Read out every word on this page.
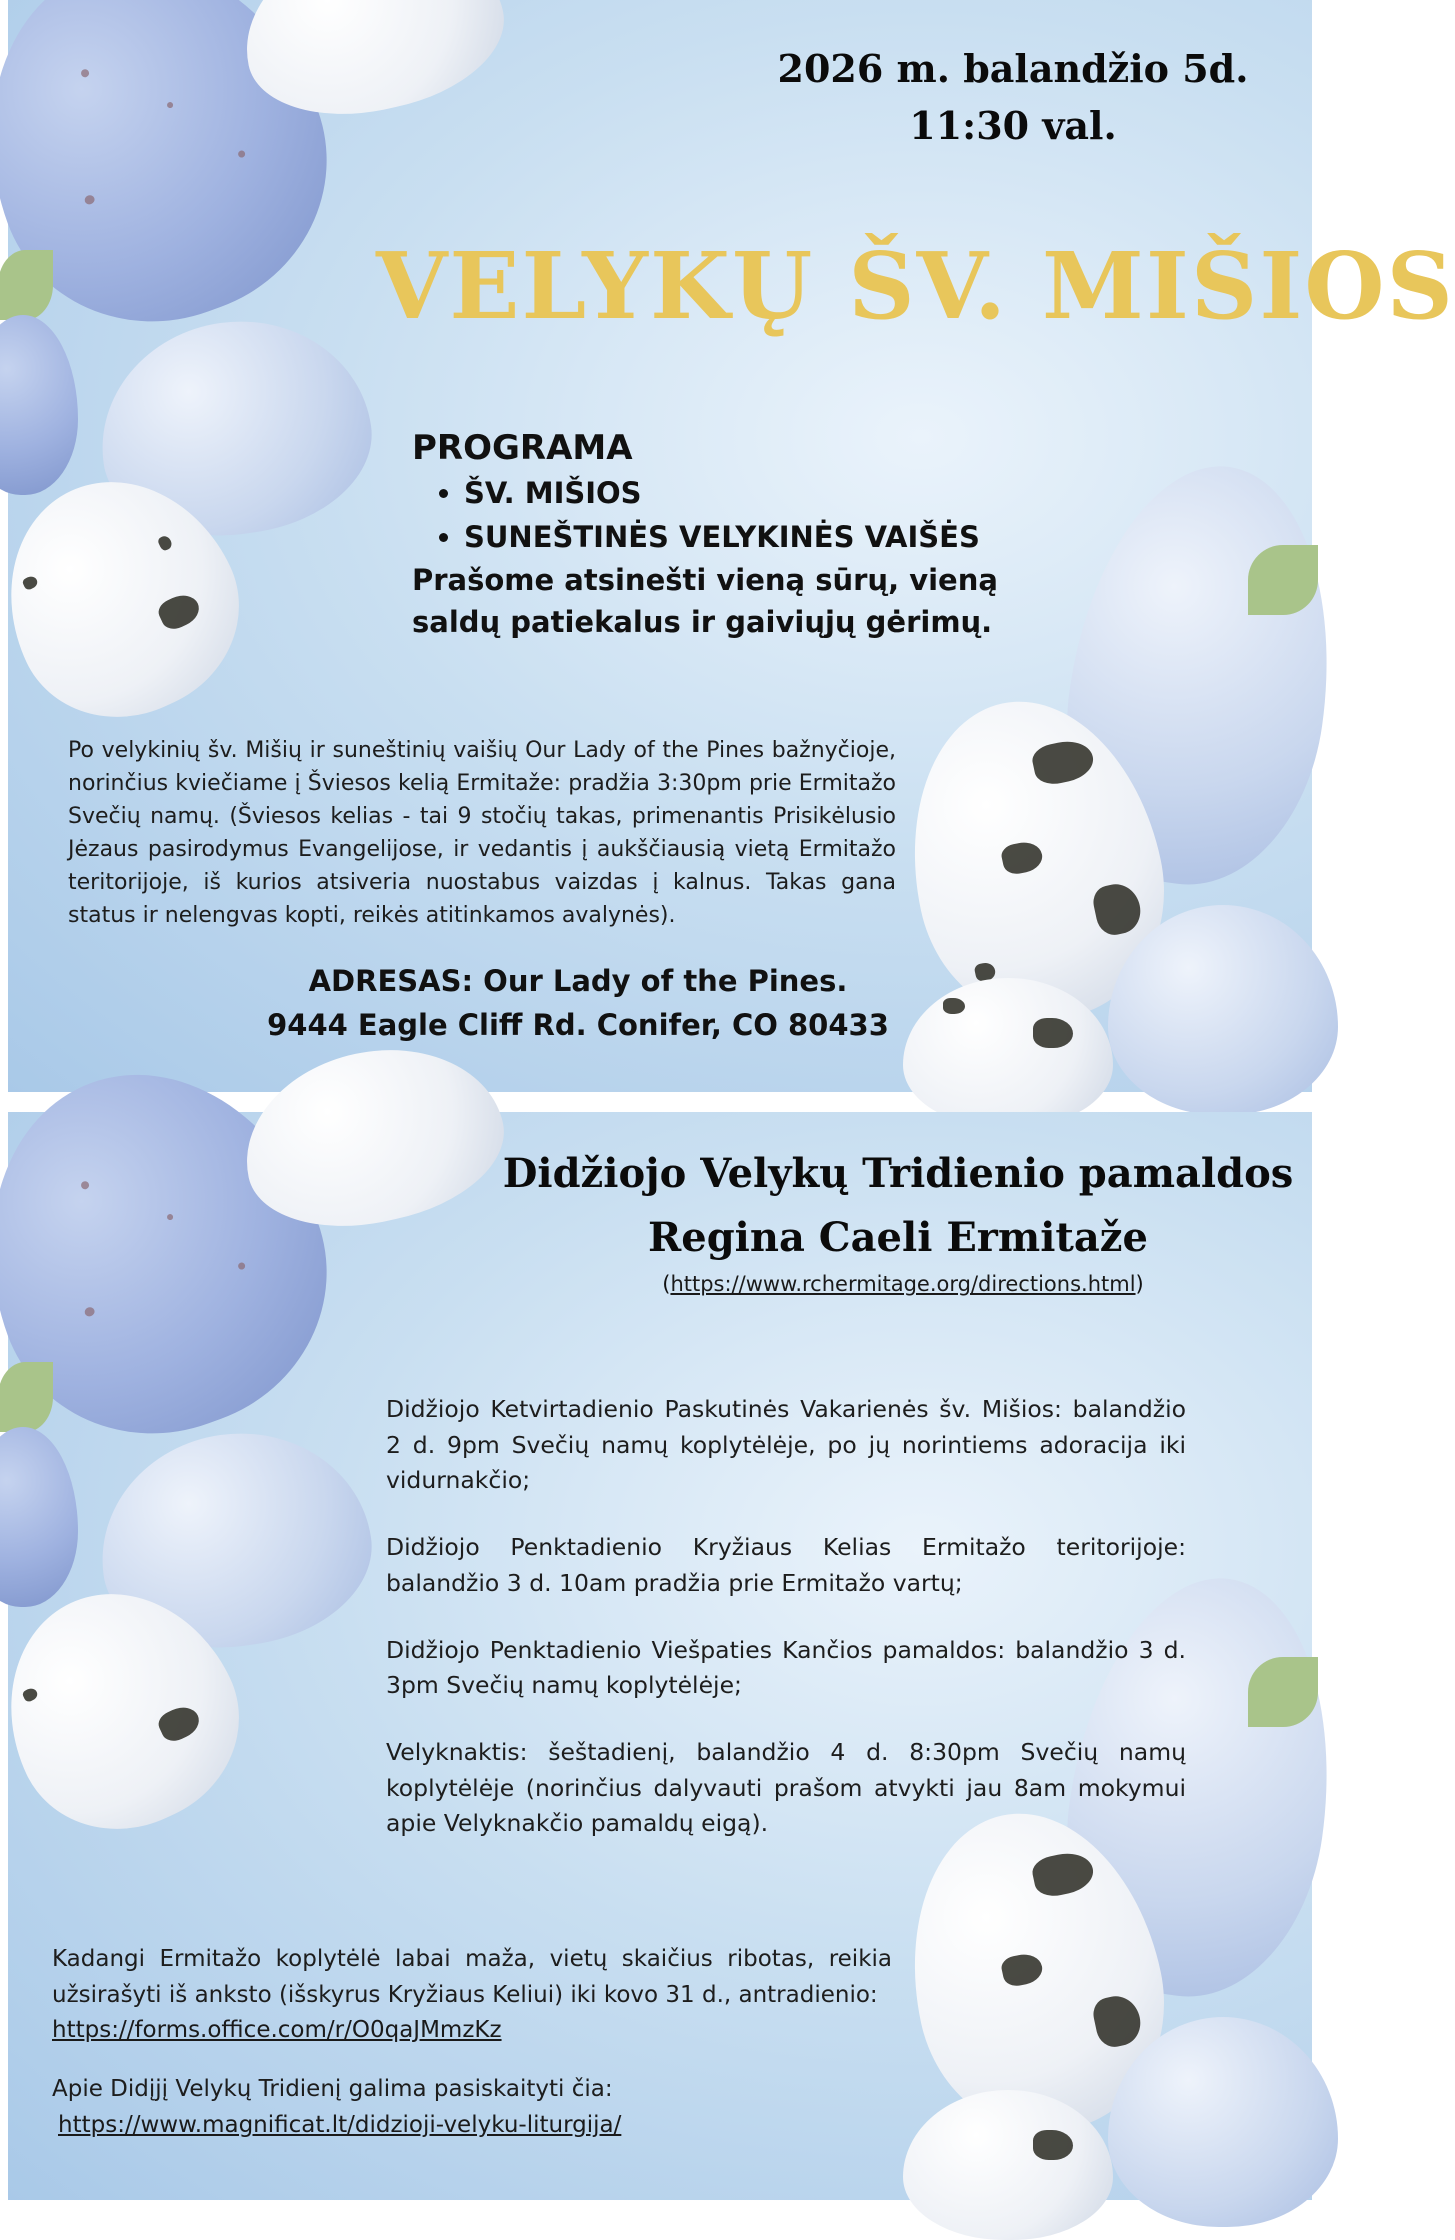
2026 m. balandžio 5d.
11:30 val.
VELYKŲ ŠV. MIŠIOS
PROGRAMA
• ŠV. MIŠIOS
• SUNEŠTINĖS VELYKINĖS VAIŠĖS

Prašome atsinešti vieną sūrų, vieną

saldų patiekalus ir gaiviųjų gėrimų.

Po velykinių šv. Mišių ir suneštinių vaišių Our Lady of the Pines bažnyčioje, norinčius kviečiame į Šviesos kelią Ermitaže: pradžia 3:30pm prie Ermitažo Svečių namų. (Šviesos kelias - tai 9 stočių takas, primenantis Prisikėlusio Jėzaus pasirodymus Evangelijose, ir vedantis į aukščiausią vietą Ermitažo teritorijoje, iš kurios atsiveria nuostabus vaizdas į kalnus. Takas gana status ir nelengvas kopti, reikės atitinkamos avalynės).
ADRESAS: Our Lady of the Pines.
9444 Eagle Cliff Rd. Conifer, CO 80433
Didžiojo Velykų Tridienio pamaldos
Regina Caeli Ermitaže
(https://www.rchermitage.org/directions.html)

Didžiojo Ketvirtadienio Paskutinės Vakarienės šv. Mišios: balandžio 2 d. 9pm Svečių namų koplytėlėje, po jų norintiems adoracija iki vidurnakčio;

Didžiojo Penktadienio Kryžiaus Kelias Ermitažo teritorijoje: balandžio 3 d. 10am pradžia prie Ermitažo vartų;

Didžiojo Penktadienio Viešpaties Kančios pamaldos: balandžio 3 d. 3pm Svečių namų koplytėlėje;

Velyknaktis: šeštadienį, balandžio 4 d. 8:30pm Svečių namų koplytėlėje (norinčius dalyvauti prašom atvykti jau 8am mokymui apie Velyknakčio pamaldų eigą).

Kadangi Ermitažo koplytėlė labai maža, vietų skaičius ribotas, reikia užsirašyti iš anksto (išskyrus Kryžiaus Keliui) iki kovo 31 d., antradienio:
https://forms.office.com/r/O0qaJMmzKz
Apie Didįjį Velykų Tridienį galima pasiskaityti čia:
https://www.magnificat.lt/didzioji-velyku-liturgija/
